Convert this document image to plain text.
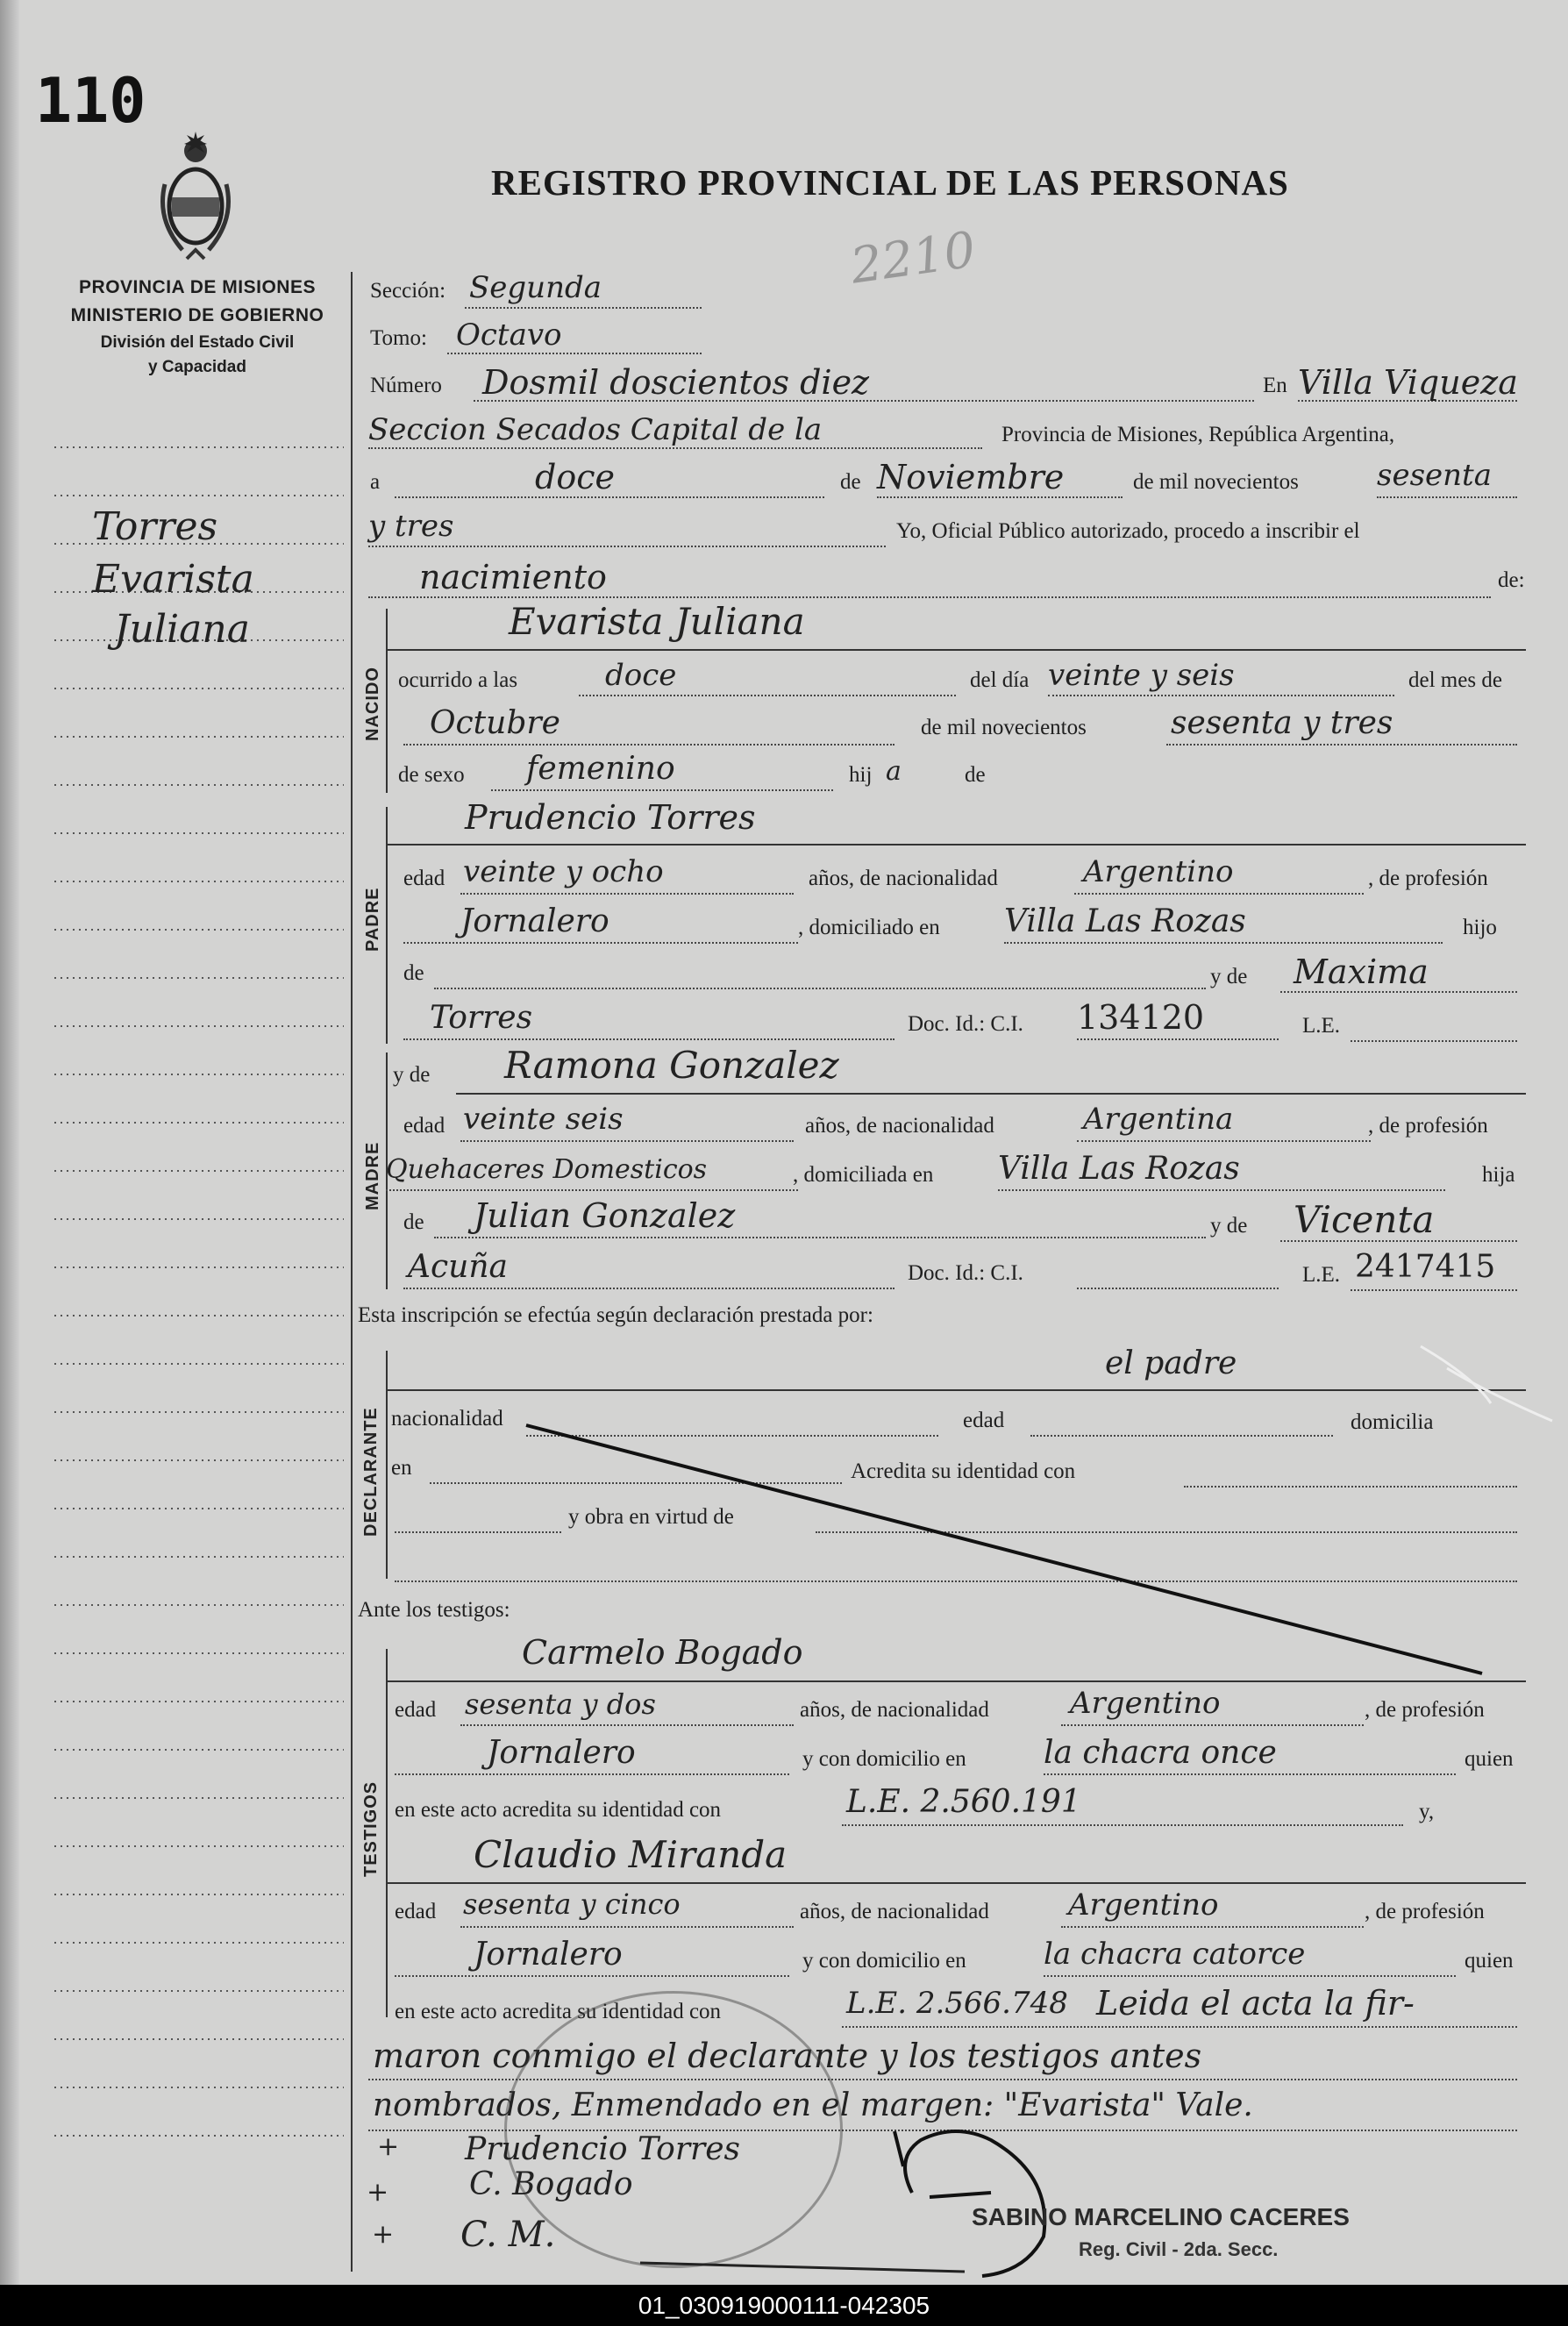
110
REGISTRO PROVINCIAL DE LAS PERSONAS
PROVINCIA DE MISIONES
MINISTERIO DE GOBIERNO
División del Estado Civil
y Capacidad
2210
Torres
Evarista
Juliana
Sección: Segunda
Tomo: Octavo
Número Dosmil doscientos diez	En Villa Viqueza
Seccion Secados Capital de la	Provincia de Misiones, República Argentina,
a	doce	de Noviembre	de mil novecientos	sesenta
y tres	Yo, Oficial Público autorizado, procedo a inscribir el
nacimiento	de:
NACIDO
Evarista Juliana
ocurrido a las	doce	del día veinte y seis	del mes de
Octubre	de mil novecientos	sesenta y tres
de sexo femenino	hij a	de
PADRE
Prudencio Torres
edad veinte y ocho	años, de nacionalidad	Argentino	, de profesión
Jornalero	, domiciliado en Villa Las Rozas	hijo
de	y de Maxima
Torres	Doc. Id.: C.I. 134120	L.E.
MADRE
y de Ramona Gonzalez
edad veinte seis	años, de nacionalidad	Argentina	, de profesión
Quehaceres Domesticos	, domiciliada en Villa Las Rozas	hija
de Julian Gonzalez	y de Vicenta
Acuña	Doc. Id.: C.I.	L.E. 2417415
Esta inscripción se efectúa según declaración prestada por:
DECLARANTE
el padre
nacionalidad	edad	domicilia
en	Acredita su identidad con
y obra en virtud de
Ante los testigos:
TESTIGOS
Carmelo Bogado
edad sesenta y dos	años, de nacionalidad	Argentino	, de profesión
Jornalero	y con domicilio en la chacra once	quien
en este acto acredita su identidad con	L.E. 2.560.191	y,
Claudio Miranda
edad sesenta y cinco	años, de nacionalidad	Argentino	, de profesión
Jornalero	y con domicilio en	la chacra catorce	quien
en este acto acredita su identidad con	L.E. 2.566.748 Leida el acta la fir-
maron conmigo el declarante y los testigos antes
nombrados, Enmendado en el margen: "Evarista" Vale.
+ Prudencio Torres
+	C. Bogado
+ C. M.	SABINO MARCELINO CACERES
Reg. Civil - 2da. Secc.
01_030919000111-042305
